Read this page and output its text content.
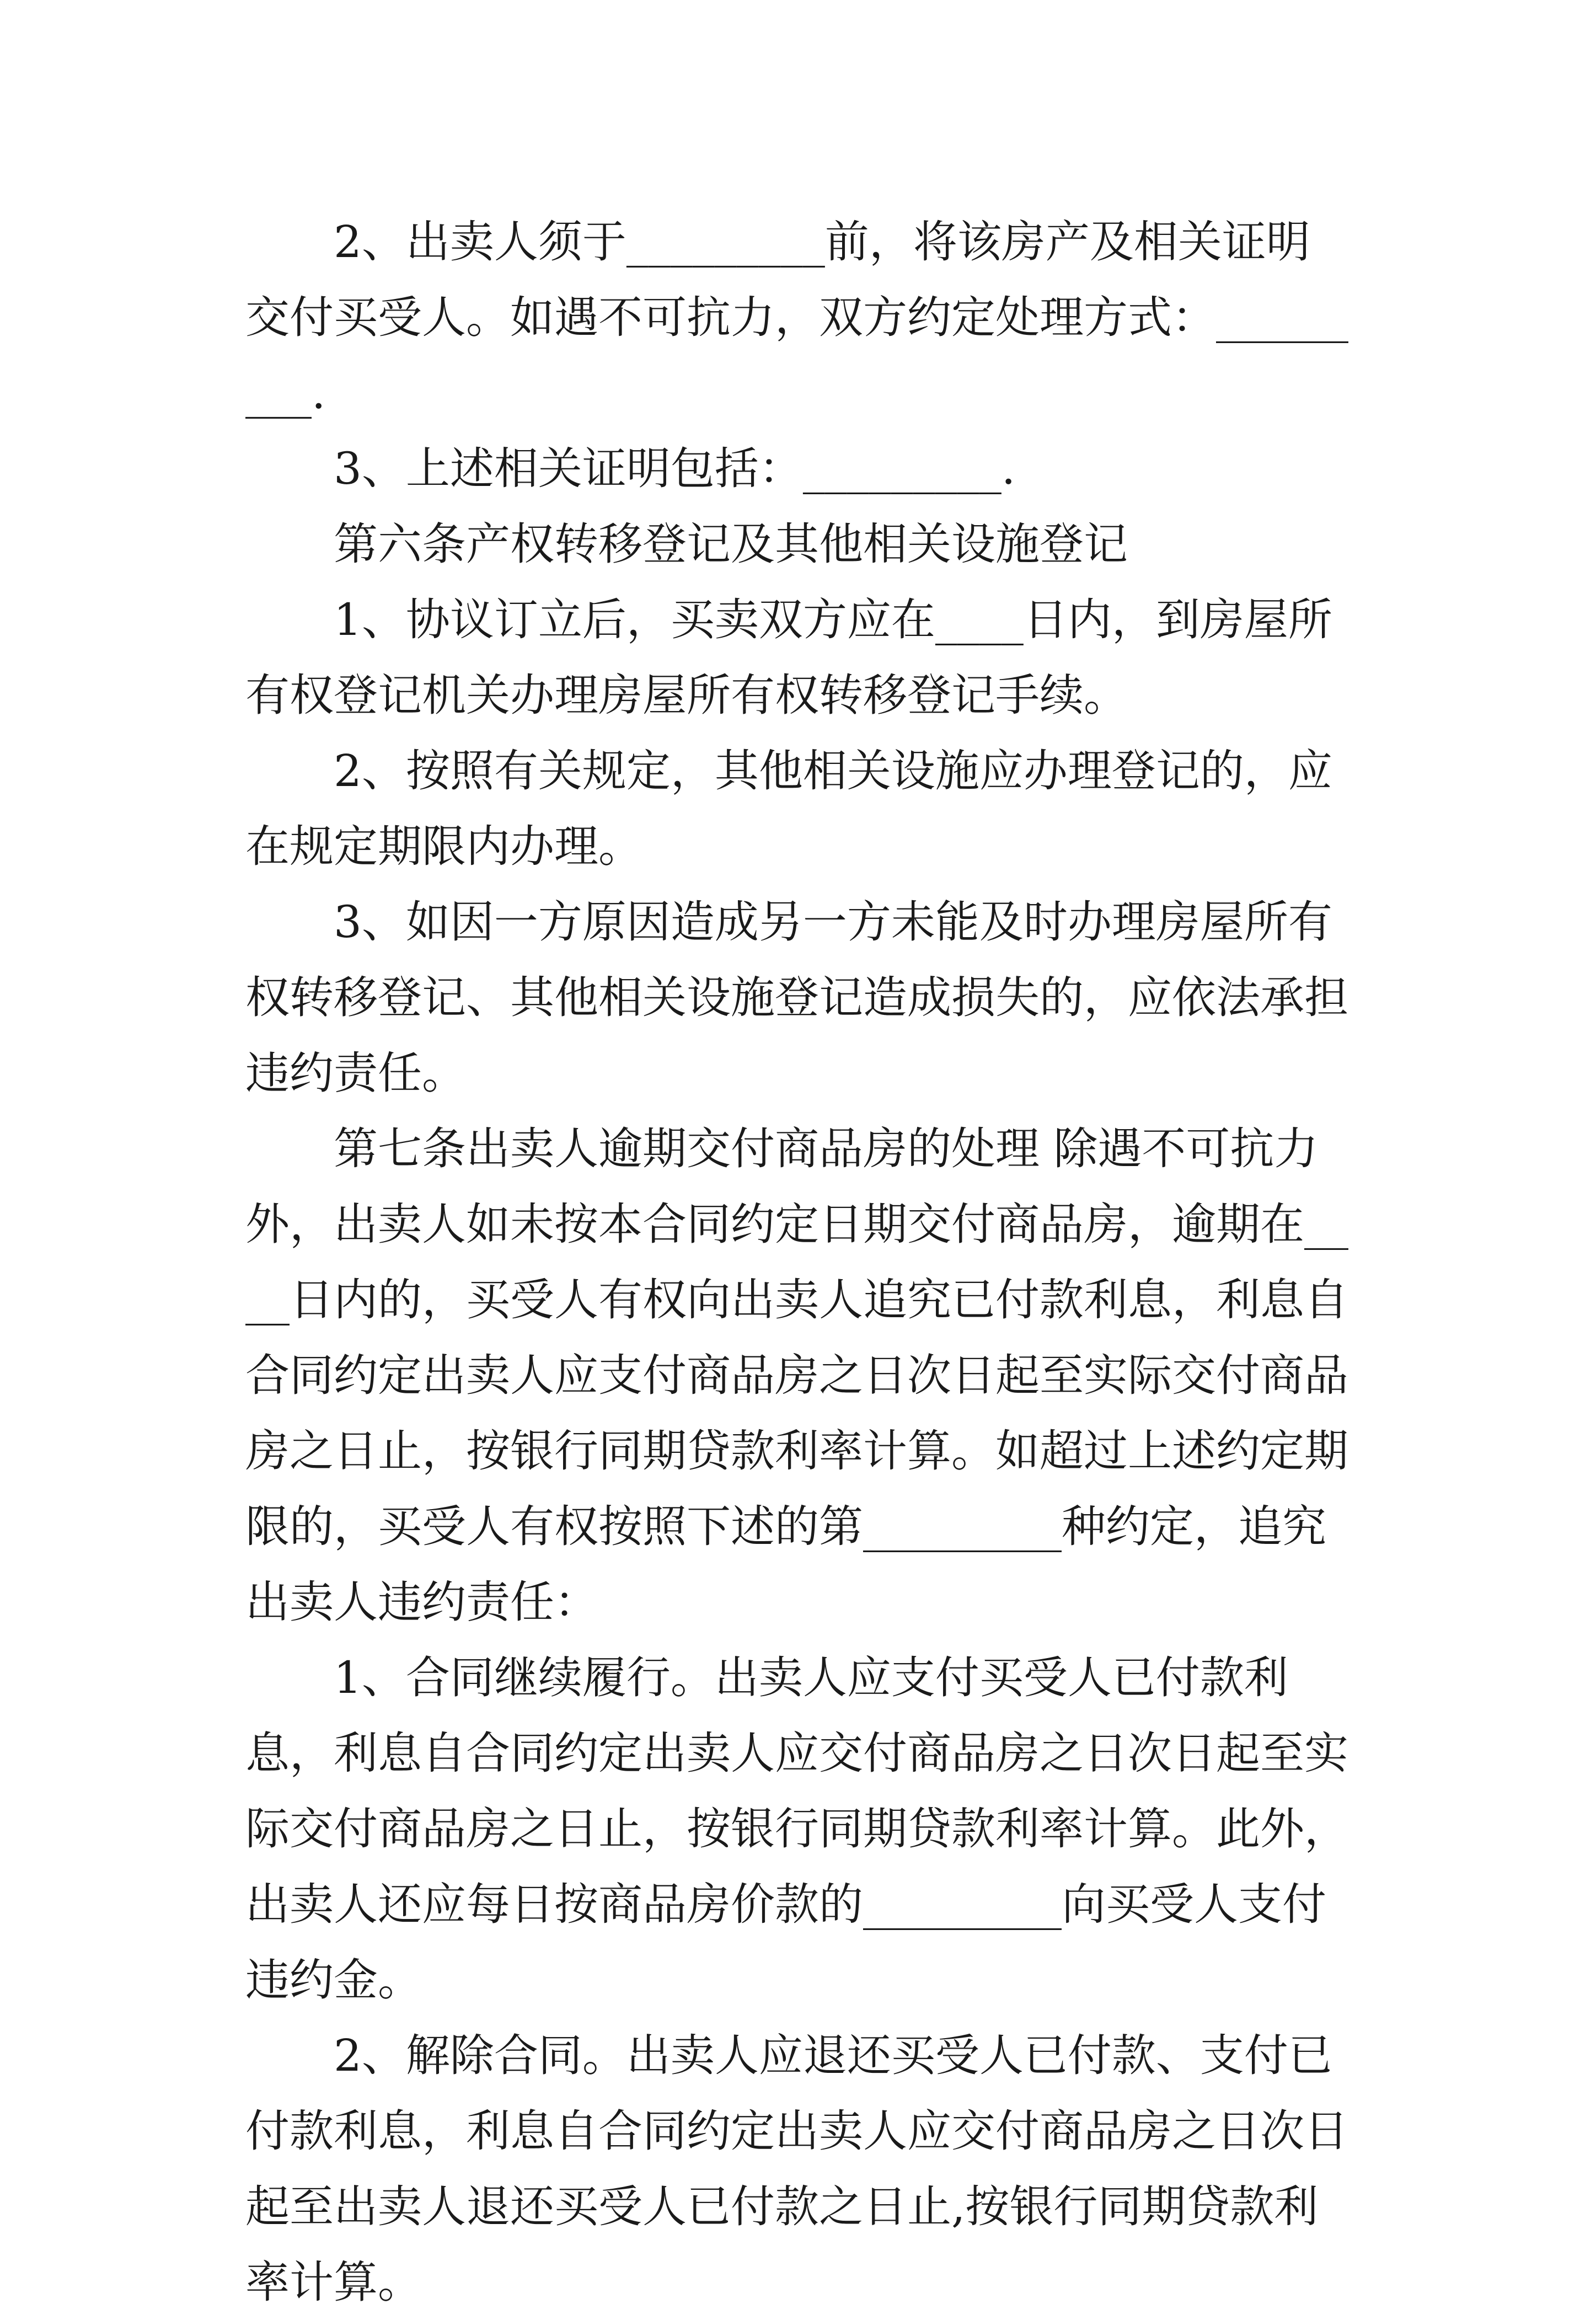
2、出卖人须于_________前，将该房产及相关证明交付买受人。如遇不可抗力，双方约定处理方式：_________.

3、上述相关证明包括：_________.

第六条产权转移登记及其他相关设施登记

1、协议订立后，买卖双方应在____日内，到房屋所有权登记机关办理房屋所有权转移登记手续。

2、按照有关规定，其他相关设施应办理登记的，应在规定期限内办理。

3、如因一方原因造成另一方未能及时办理房屋所有权转移登记、其他相关设施登记造成损失的，应依法承担违约责任。

第七条出卖人逾期交付商品房的处理 除遇不可抗力外，出卖人如未按本合同约定日期交付商品房，逾期在____日内的，买受人有权向出卖人追究已付款利息，利息自合同约定出卖人应支付商品房之日次日起至实际交付商品房之日止，按银行同期贷款利率计算。如超过上述约定期限的，买受人有权按照下述的第_________种约定，追究出卖人违约责任：

1、合同继续履行。出卖人应支付买受人已付款利息，利息自合同约定出卖人应交付商品房之日次日起至实际交付商品房之日止，按银行同期贷款利率计算。此外，出卖人还应每日按商品房价款的_________向买受人支付违约金。

2、解除合同。出卖人应退还买受人已付款、支付已付款利息，利息自合同约定出卖人应交付商品房之日次日起至出卖人退还买受人已付款之日止,按银行同期贷款利率计算。
